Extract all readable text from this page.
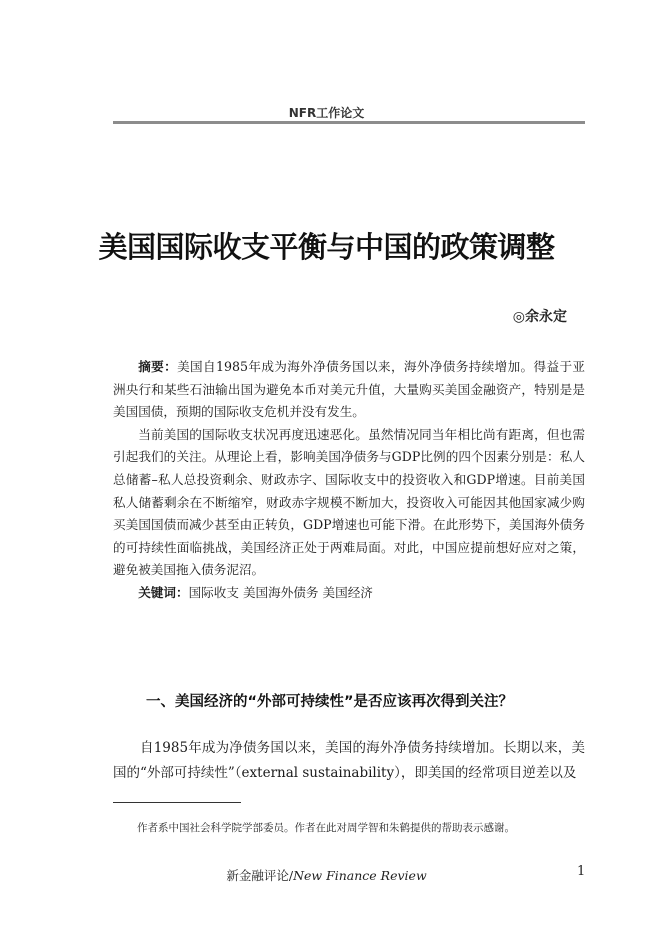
NFR工作论文
美国国际收支平衡与中国的政策调整
◎余永定

摘要：美国自1985年成为海外净债务国以来，海外净债务持续增加。得益于亚洲央行和某些石油输出国为避免本币对美元升值，大量购买美国金融资产，特别是是美国国债，预期的国际收支危机并没有发生。

当前美国的国际收支状况再度迅速恶化。虽然情况同当年相比尚有距离，但也需引起我们的关注。从理论上看，影响美国净债务与GDP比例的四个因素分别是：私人总储蓄–私人总投资剩余、财政赤字、国际收支中的投资收入和GDP增速。目前美国私人储蓄剩余在不断缩窄，财政赤字规模不断加大，投资收入可能因其他国家减少购买美国国债而减少甚至由正转负，GDP增速也可能下滑。在此形势下，美国海外债务的可持续性面临挑战，美国经济正处于两难局面。对此，中国应提前想好应对之策，避免被美国拖入债务泥沼。

关键词：国际收支 美国海外债务 美国经济

一、美国经济的“外部可持续性”是否应该再次得到关注？

自1985年成为净债务国以来，美国的海外净债务持续增加。长期以来，美国的“外部可持续性”（external sustainability），即美国的经常项目逆差以及

作者系中国社会科学院学部委员。作者在此对周学智和朱鹤提供的帮助表示感谢。
新金融评论/New Finance Review	1
